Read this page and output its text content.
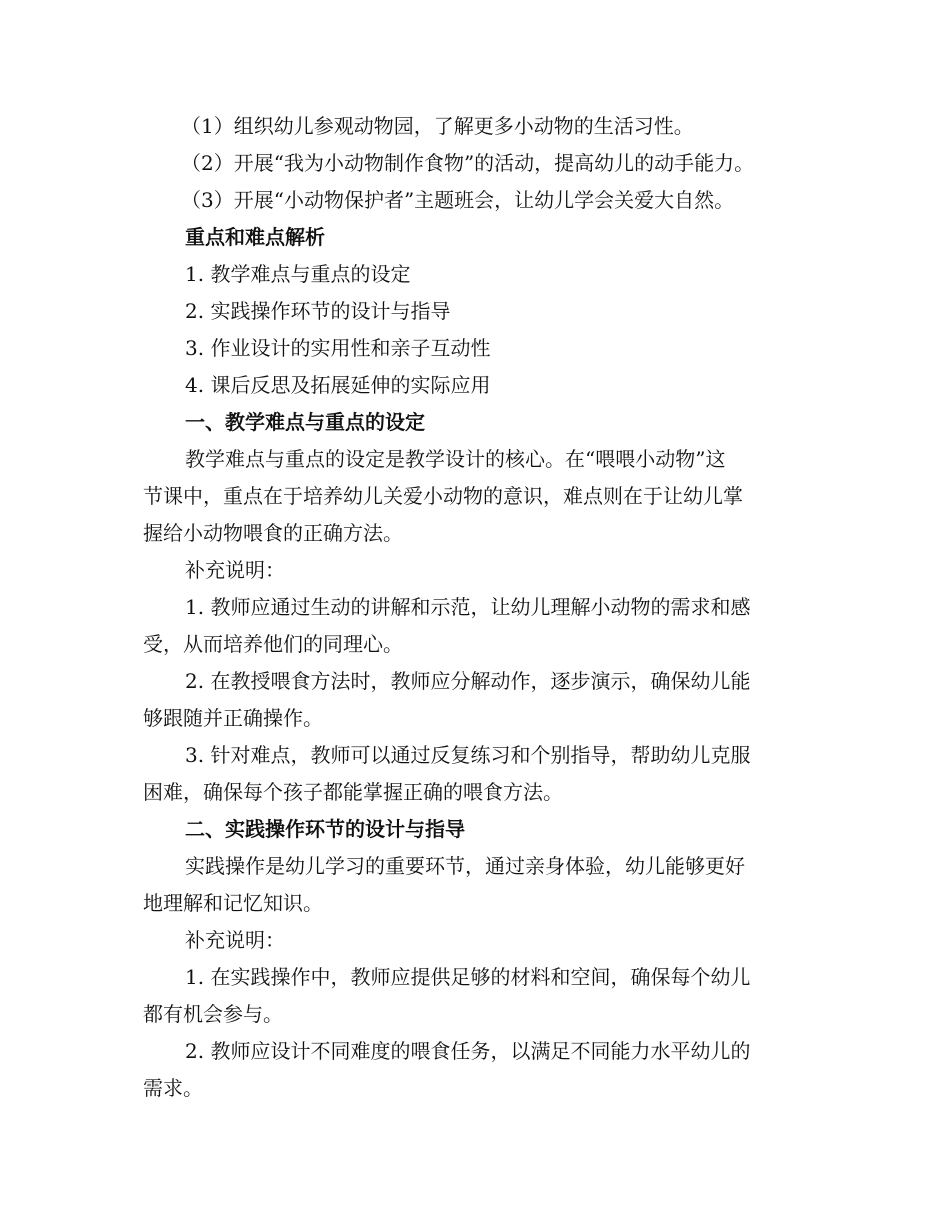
（1）组织幼儿参观动物园，了解更多小动物的生活习性。
（2）开展“我为小动物制作食物”的活动，提高幼儿的动手能力。
（3）开展“小动物保护者”主题班会，让幼儿学会关爱大自然。
重点和难点解析
1. 教学难点与重点的设定
2. 实践操作环节的设计与指导
3. 作业设计的实用性和亲子互动性
4. 课后反思及拓展延伸的实际应用
一、教学难点与重点的设定
教学难点与重点的设定是教学设计的核心。在“喂喂小动物”这
节课中，重点在于培养幼儿关爱小动物的意识，难点则在于让幼儿掌
握给小动物喂食的正确方法。
补充说明：
1. 教师应通过生动的讲解和示范，让幼儿理解小动物的需求和感
受，从而培养他们的同理心。
2. 在教授喂食方法时，教师应分解动作，逐步演示，确保幼儿能
够跟随并正确操作。
3. 针对难点，教师可以通过反复练习和个别指导，帮助幼儿克服
困难，确保每个孩子都能掌握正确的喂食方法。
二、实践操作环节的设计与指导
实践操作是幼儿学习的重要环节，通过亲身体验，幼儿能够更好
地理解和记忆知识。
补充说明：
1. 在实践操作中，教师应提供足够的材料和空间，确保每个幼儿
都有机会参与。
2. 教师应设计不同难度的喂食任务，以满足不同能力水平幼儿的
需求。
